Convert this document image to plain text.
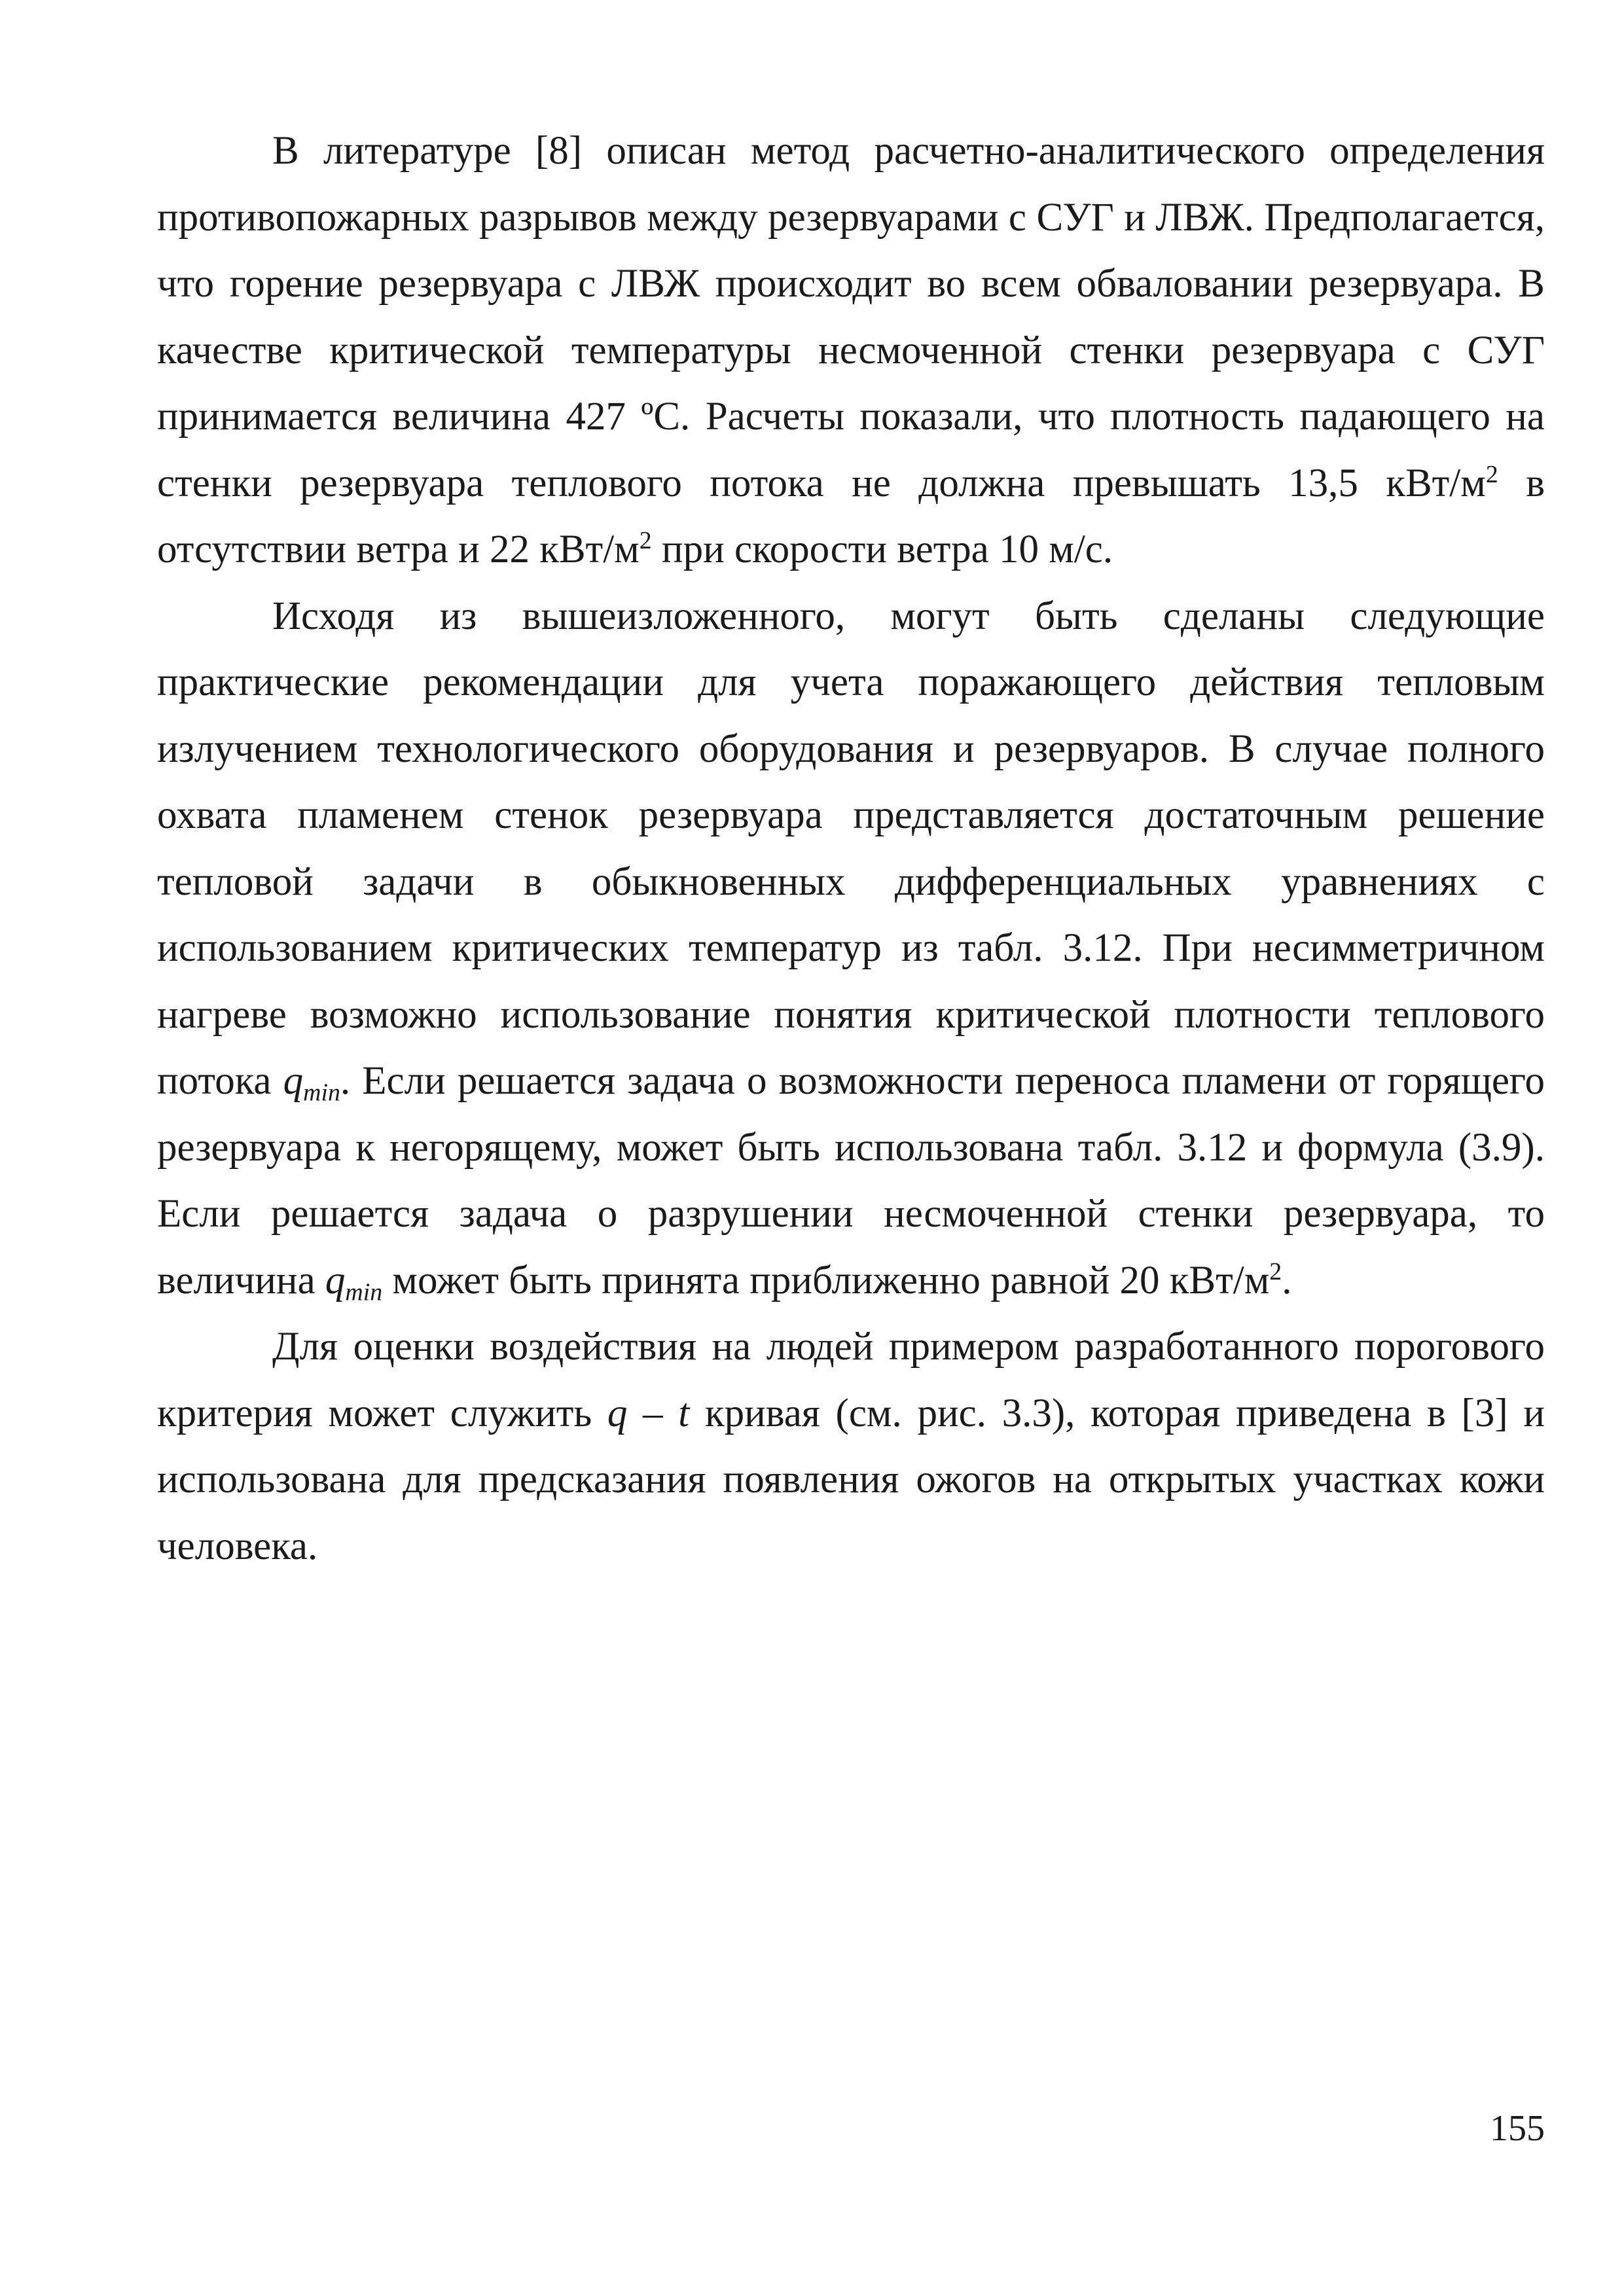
В литературе [8] описан метод расчетно-аналитического определения противопожарных разрывов между резервуарами с СУГ и ЛВЖ. Предполагается, что горение резервуара с ЛВЖ происходит во всем обваловании резервуара. В качестве критической температуры несмоченной стенки резервуара с СУГ принимается величина 427 ºС. Расчеты показали, что плотность падающего на стенки резервуара теплового потока не должна превышать 13,5 кВт/$м^2$ в отсутствии ветра и 22 кВт/$м^2$ при скорости ветра 10 м/с.

Исходя из вышеизложенного, могут быть сделаны следующие практические рекомендации для учета поражающего действия тепловым излучением технологического оборудования и резервуаров. В случае полного охвата пламенем стенок резервуара представляется достаточным решение тепловой задачи в обыкновенных дифференциальных уравнениях с использованием критических температур из табл. 3.12. При несимметричном нагреве возможно использование понятия критической плотности теплового потока $q_{min}$. Если решается задача о возможности переноса пламени от горящего резервуара к негорящему, может быть использована табл. 3.12 и формула (3.9). Если решается задача о разрушении несмоченной стенки резервуара, то величина $q_{min}$ может быть принята приближенно равной 20 кВт/$м^2$.

Для оценки воздействия на людей примером разработанного порогового критерия может служить q – t кривая (см. рис. 3.3), которая приведена в [3] и использована для предсказания появления ожогов на открытых участках кожи человека.

155
